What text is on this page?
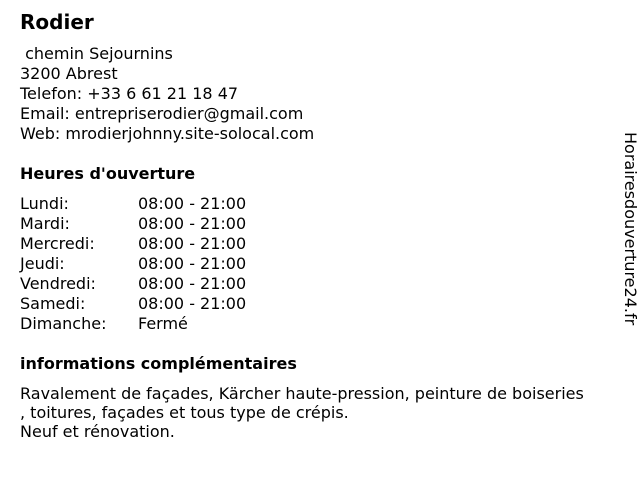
Rodier
chemin Sejournins
3200 Abrest
Telefon: +33 6 61 21 18 47
Email: entrepriserodier@gmail.com
Web: mrodierjohnny.site-solocal.com
Heures d'ouverture
Lundi:	08:00 - 21:00
Mardi:	08:00 - 21:00
Mercredi:	08:00 - 21:00
Jeudi:	08:00 - 21:00
Vendredi:	08:00 - 21:00
Samedi:	08:00 - 21:00
Dimanche:	Fermé
informations complémentaires
Ravalement de façades, Kärcher haute-pression, peinture de boiseries
, toitures, façades et tous type de crépis.
Neuf et rénovation.
Horairesdouverture24.fr
